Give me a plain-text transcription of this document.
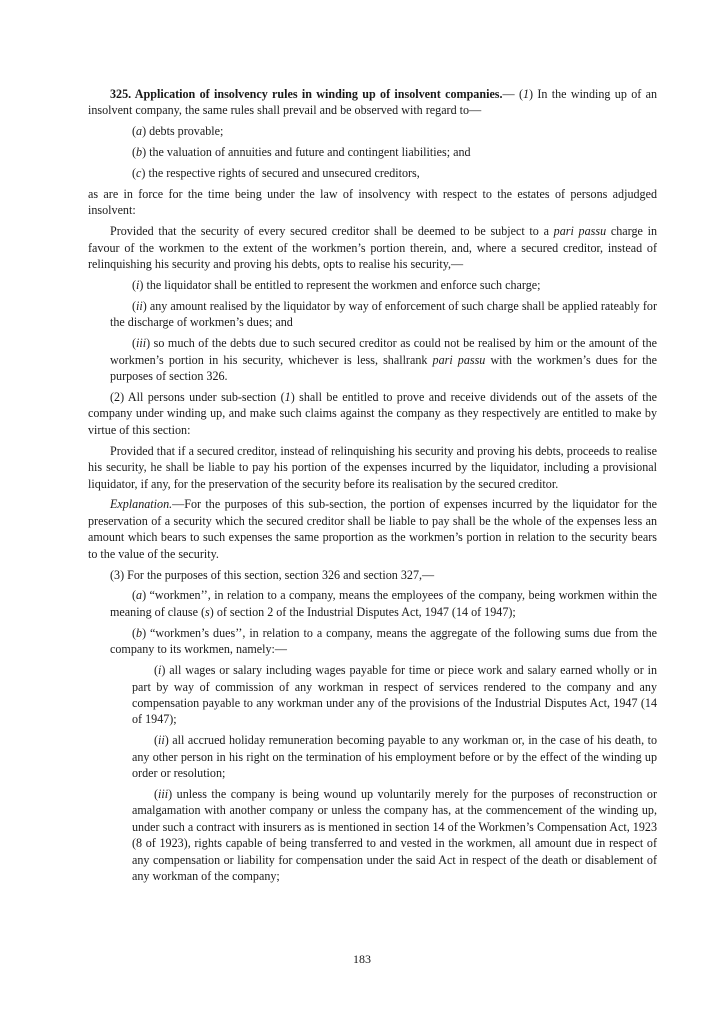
325. Application of insolvency rules in winding up of insolvent companies.— (1) In the winding up of an insolvent company, the same rules shall prevail and be observed with regard to—

(a) debts provable;

(b) the valuation of annuities and future and contingent liabilities; and

(c) the respective rights of secured and unsecured creditors,

as are in force for the time being under the law of insolvency with respect to the estates of persons adjudged insolvent:

Provided that the security of every secured creditor shall be deemed to be subject to a pari passu charge in favour of the workmen to the extent of the workmen’s portion therein, and, where a secured creditor, instead of relinquishing his security and proving his debts, opts to realise his security,—

(i) the liquidator shall be entitled to represent the workmen and enforce such charge;

(ii) any amount realised by the liquidator by way of enforcement of such charge shall be applied rateably for the discharge of workmen’s dues; and

(iii) so much of the debts due to such secured creditor as could not be realised by him or the amount of the workmen’s portion in his security, whichever is less, shallrank pari passu with the workmen’s dues for the purposes of section 326.

(2) All persons under sub-section (1) shall be entitled to prove and receive dividends out of the assets of the company under winding up, and make such claims against the company as they respectively are entitled to make by virtue of this section:

Provided that if a secured creditor, instead of relinquishing his security and proving his debts, proceeds to realise his security, he shall be liable to pay his portion of the expenses incurred by the liquidator, including a provisional liquidator, if any, for the preservation of the security before its realisation by the secured creditor.

Explanation.—For the purposes of this sub-section, the portion of expenses incurred by the liquidator for the preservation of a security which the secured creditor shall be liable to pay shall be the whole of the expenses less an amount which bears to such expenses the same proportion as the workmen’s portion in relation to the security bears to the value of the security.

(3) For the purposes of this section, section 326 and section 327,—

(a) “workmen’’, in relation to a company, means the employees of the company, being workmen within the meaning of clause (s) of section 2 of the Industrial Disputes Act, 1947 (14 of 1947);

(b) “workmen’s dues’’, in relation to a company, means the aggregate of the following sums due from the company to its workmen, namely:—

(i) all wages or salary including wages payable for time or piece work and salary earned wholly or in part by way of commission of any workman in respect of services rendered to the company and any compensation payable to any workman under any of the provisions of the Industrial Disputes Act, 1947 (14 of 1947);

(ii) all accrued holiday remuneration becoming payable to any workman or, in the case of his death, to any other person in his right on the termination of his employment before or by the effect of the winding up order or resolution;

(iii) unless the company is being wound up voluntarily merely for the purposes of reconstruction or amalgamation with another company or unless the company has, at the commencement of the winding up, under such a contract with insurers as is mentioned in section 14 of the Workmen’s Compensation Act, 1923 (8 of 1923), rights capable of being transferred to and vested in the workmen, all amount due in respect of any compensation or liability for compensation under the said Act in respect of the death or disablement of any workman of the company;

183
